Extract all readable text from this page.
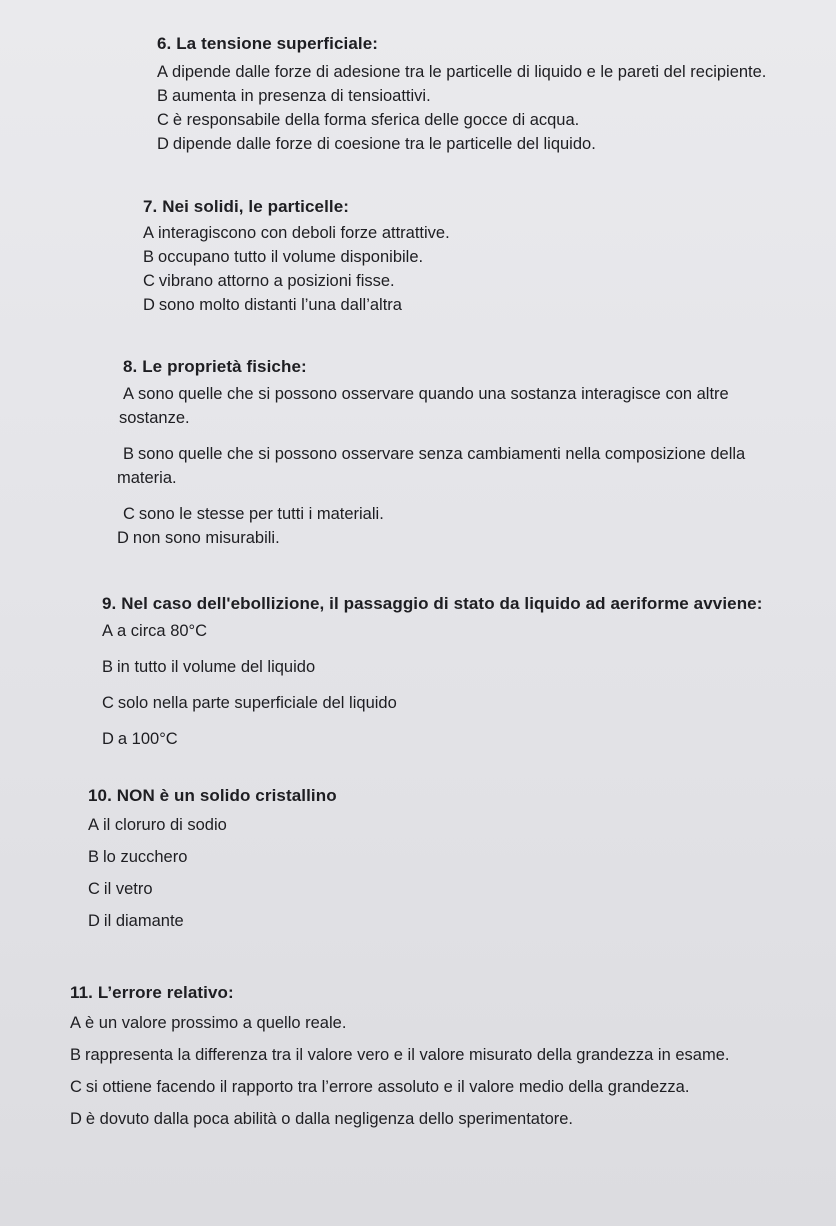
6. La tensione superficiale:
A dipende dalle forze di adesione tra le particelle di liquido e le pareti del recipiente.
B aumenta in presenza di tensioattivi.
C è responsabile della forma sferica delle gocce di acqua.
D dipende dalle forze di coesione tra le particelle del liquido.
7. Nei solidi, le particelle:
A interagiscono con deboli forze attrattive.
B occupano tutto il volume disponibile.
C vibrano attorno a posizioni fisse.
D sono molto distanti l’una dall’altra
8. Le proprietà fisiche:
A sono quelle che si possono osservare quando una sostanza interagisce con altre
sostanze.
B sono quelle che si possono osservare senza cambiamenti nella composizione della
materia.
C sono le stesse per tutti i materiali.
D non sono misurabili.
9. Nel caso dell'ebollizione, il passaggio di stato da liquido ad aeriforme avviene:
A a circa 80°C
B in tutto il volume del liquido
C solo nella parte superficiale del liquido
D a 100°C
10. NON è un solido cristallino
A il cloruro di sodio
B lo zucchero
C il vetro
D il diamante
11. L’errore relativo:
A è un valore prossimo a quello reale.
B rappresenta la differenza tra il valore vero e il valore misurato della grandezza in esame.
C si ottiene facendo il rapporto tra l’errore assoluto e il valore medio della grandezza.
D è dovuto dalla poca abilità o dalla negligenza dello sperimentatore.
